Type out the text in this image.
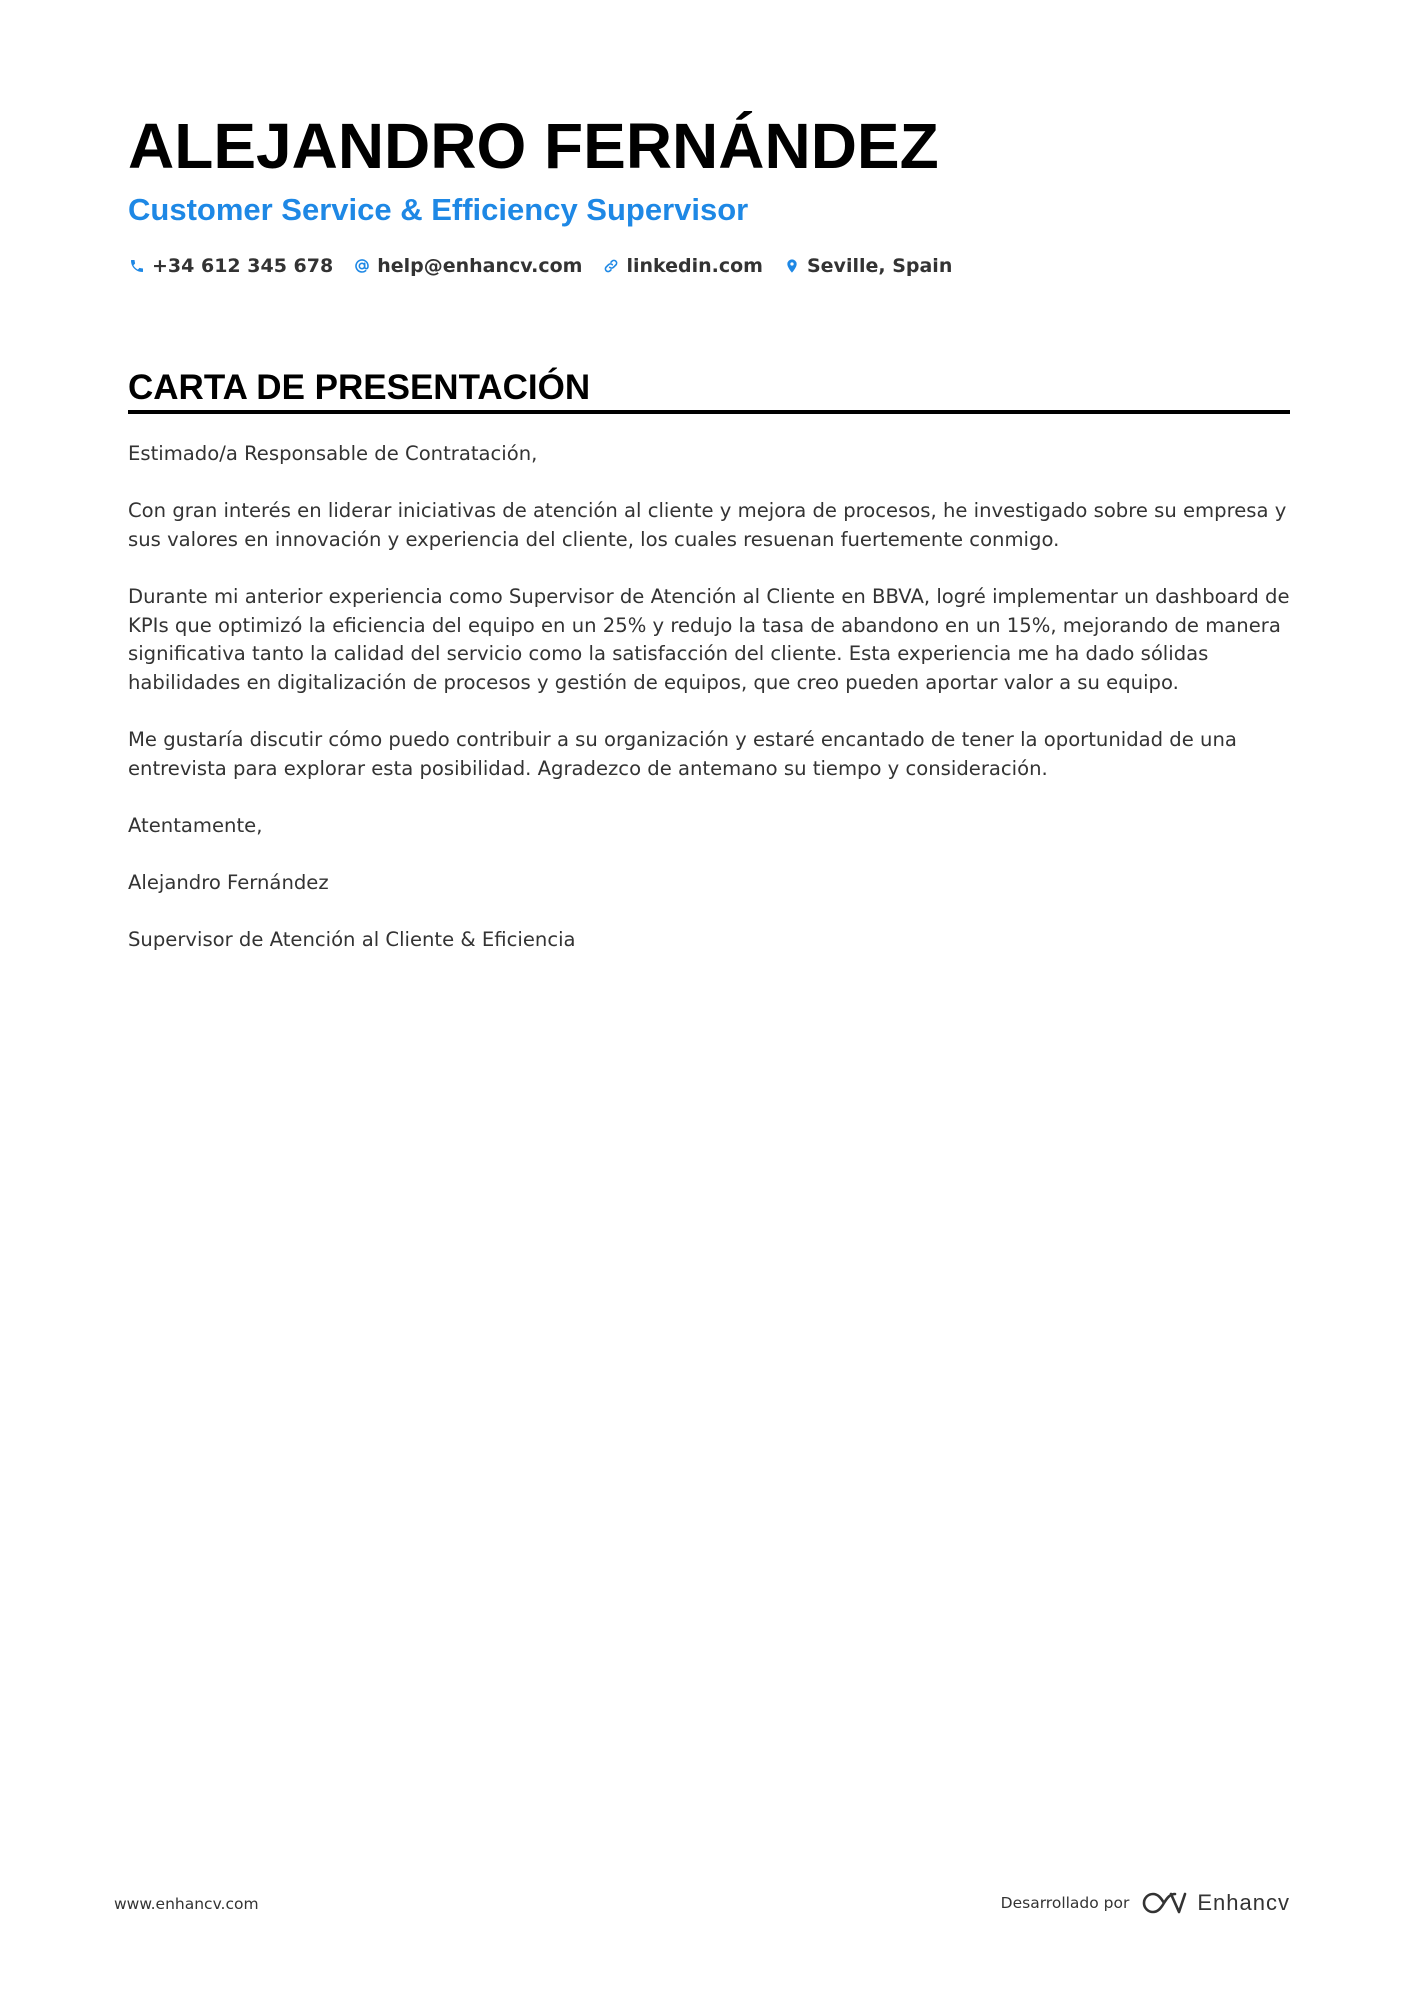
ALEJANDRO FERNÁNDEZ
Customer Service & Efficiency Supervisor
+34 612 345 678 help@enhancv.com linkedin.com Seville, Spain
CARTA DE PRESENTACIÓN

Estimado/a Responsable de Contratación,

Con gran interés en liderar iniciativas de atención al cliente y mejora de procesos, he investigado sobre su empresa y sus valores en innovación y experiencia del cliente, los cuales resuenan fuertemente conmigo.

Durante mi anterior experiencia como Supervisor de Atención al Cliente en BBVA, logré implementar un dashboard de KPIs que optimizó la eficiencia del equipo en un 25% y redujo la tasa de abandono en un 15%, mejorando de manera significativa tanto la calidad del servicio como la satisfacción del cliente. Esta experiencia me ha dado sólidas habilidades en digitalización de procesos y gestión de equipos, que creo pueden aportar valor a su equipo.

Me gustaría discutir cómo puedo contribuir a su organización y estaré encantado de tener la oportunidad de una entrevista para explorar esta posibilidad. Agradezco de antemano su tiempo y consideración.

Atentamente,

Alejandro Fernández

Supervisor de Atención al Cliente & Eficiencia

www.enhancv.com	Desarrollado por	Enhancv
